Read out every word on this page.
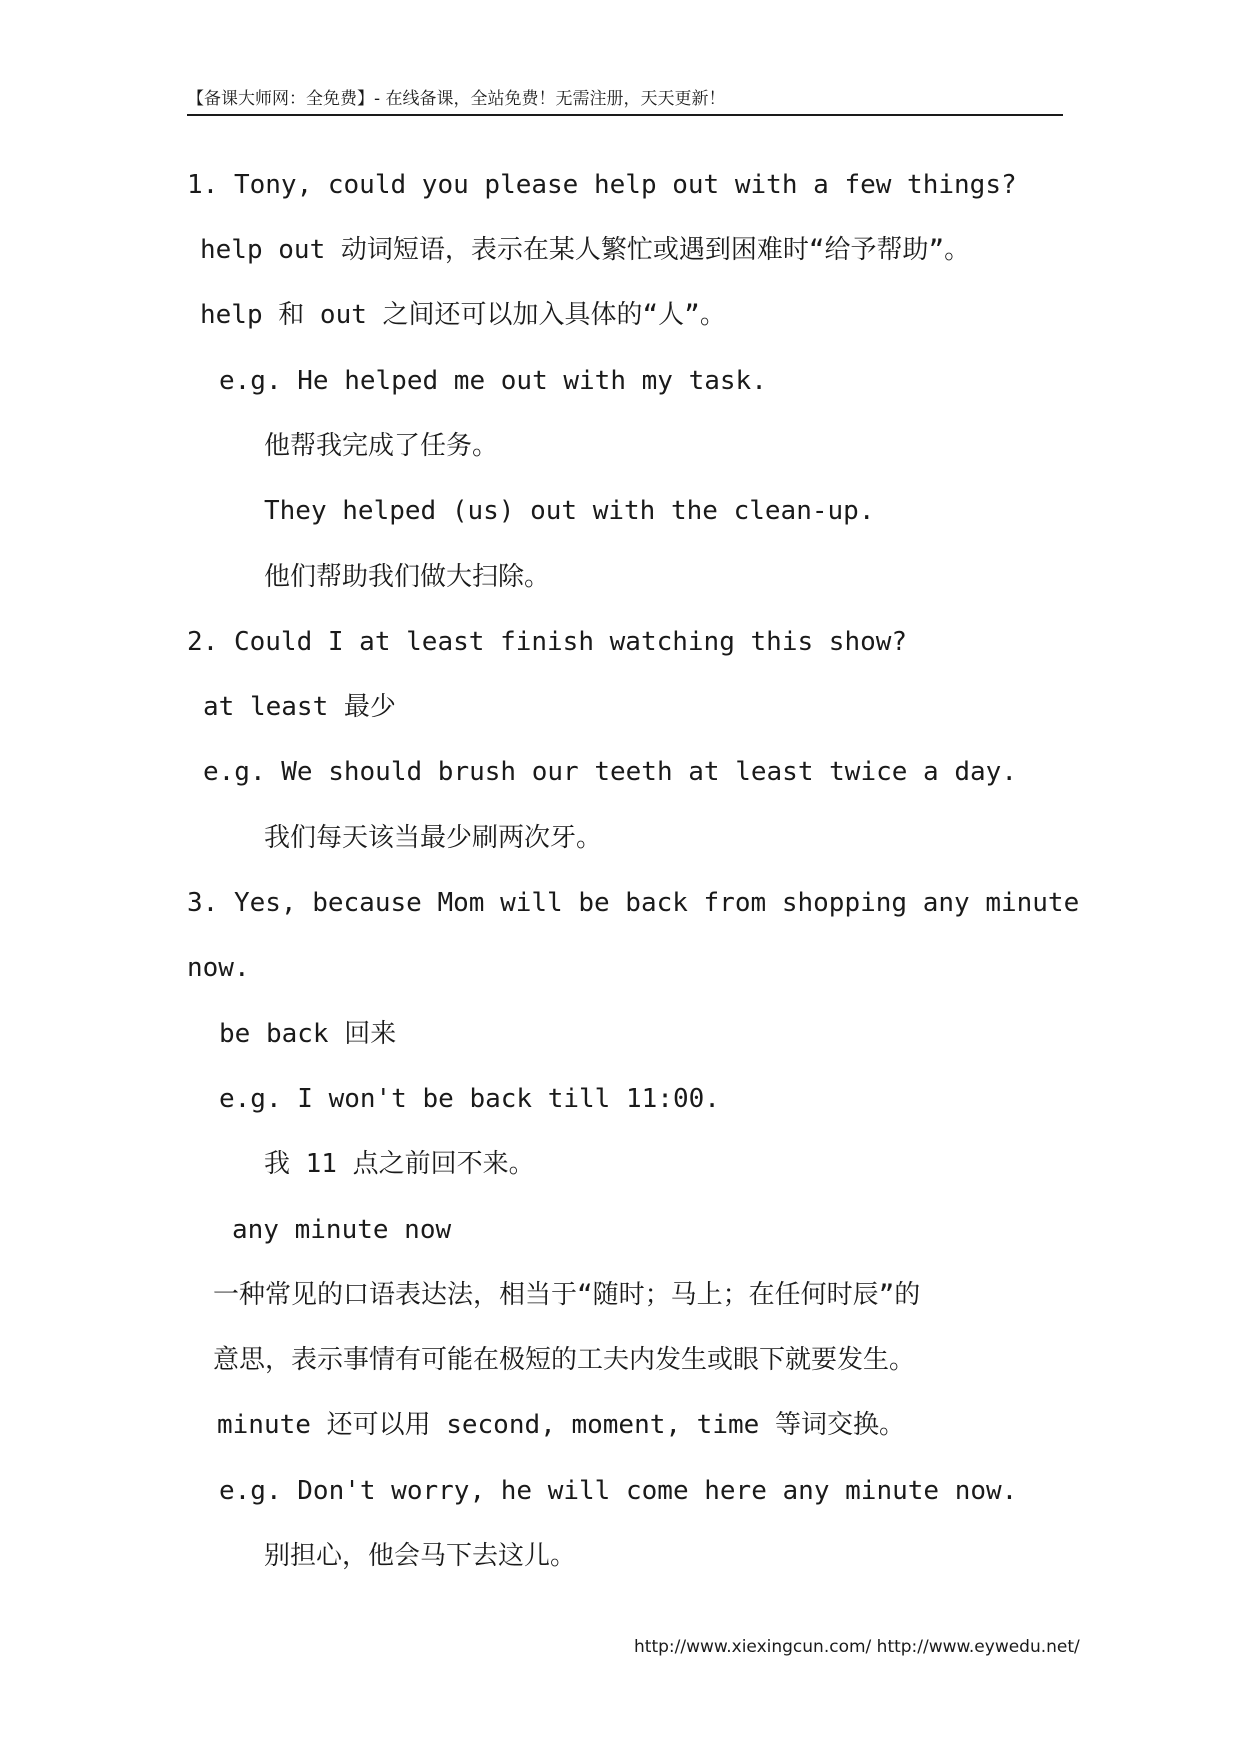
【备课大师网：全免费】- 在线备课，全站免费！无需注册，天天更新！
1. Tony, could you please help out with a few things?
help out 动词短语，表示在某人繁忙或遇到困难时“给予帮助”。
help 和 out 之间还可以加入具体的“人”。
e.g. He helped me out with my task.
他帮我完成了任务。
They helped (us) out with the clean-up.
他们帮助我们做大扫除。
2. Could I at least finish watching this show?
at least 最少
e.g. We should brush our teeth at least twice a day.
我们每天该当最少刷两次牙。
3. Yes, because Mom will be back from shopping any minute
now.
be back 回来
e.g. I won't be back till 11:00.
我 11 点之前回不来。
any minute now
一种常见的口语表达法，相当于“随时；马上；在任何时辰”的
意思，表示事情有可能在极短的工夫内发生或眼下就要发生。
minute 还可以用 second, moment, time 等词交换。
e.g. Don't worry, he will come here any minute now.
别担心，他会马下去这儿。
http://www.xiexingcun.com/ http://www.eywedu.net/
